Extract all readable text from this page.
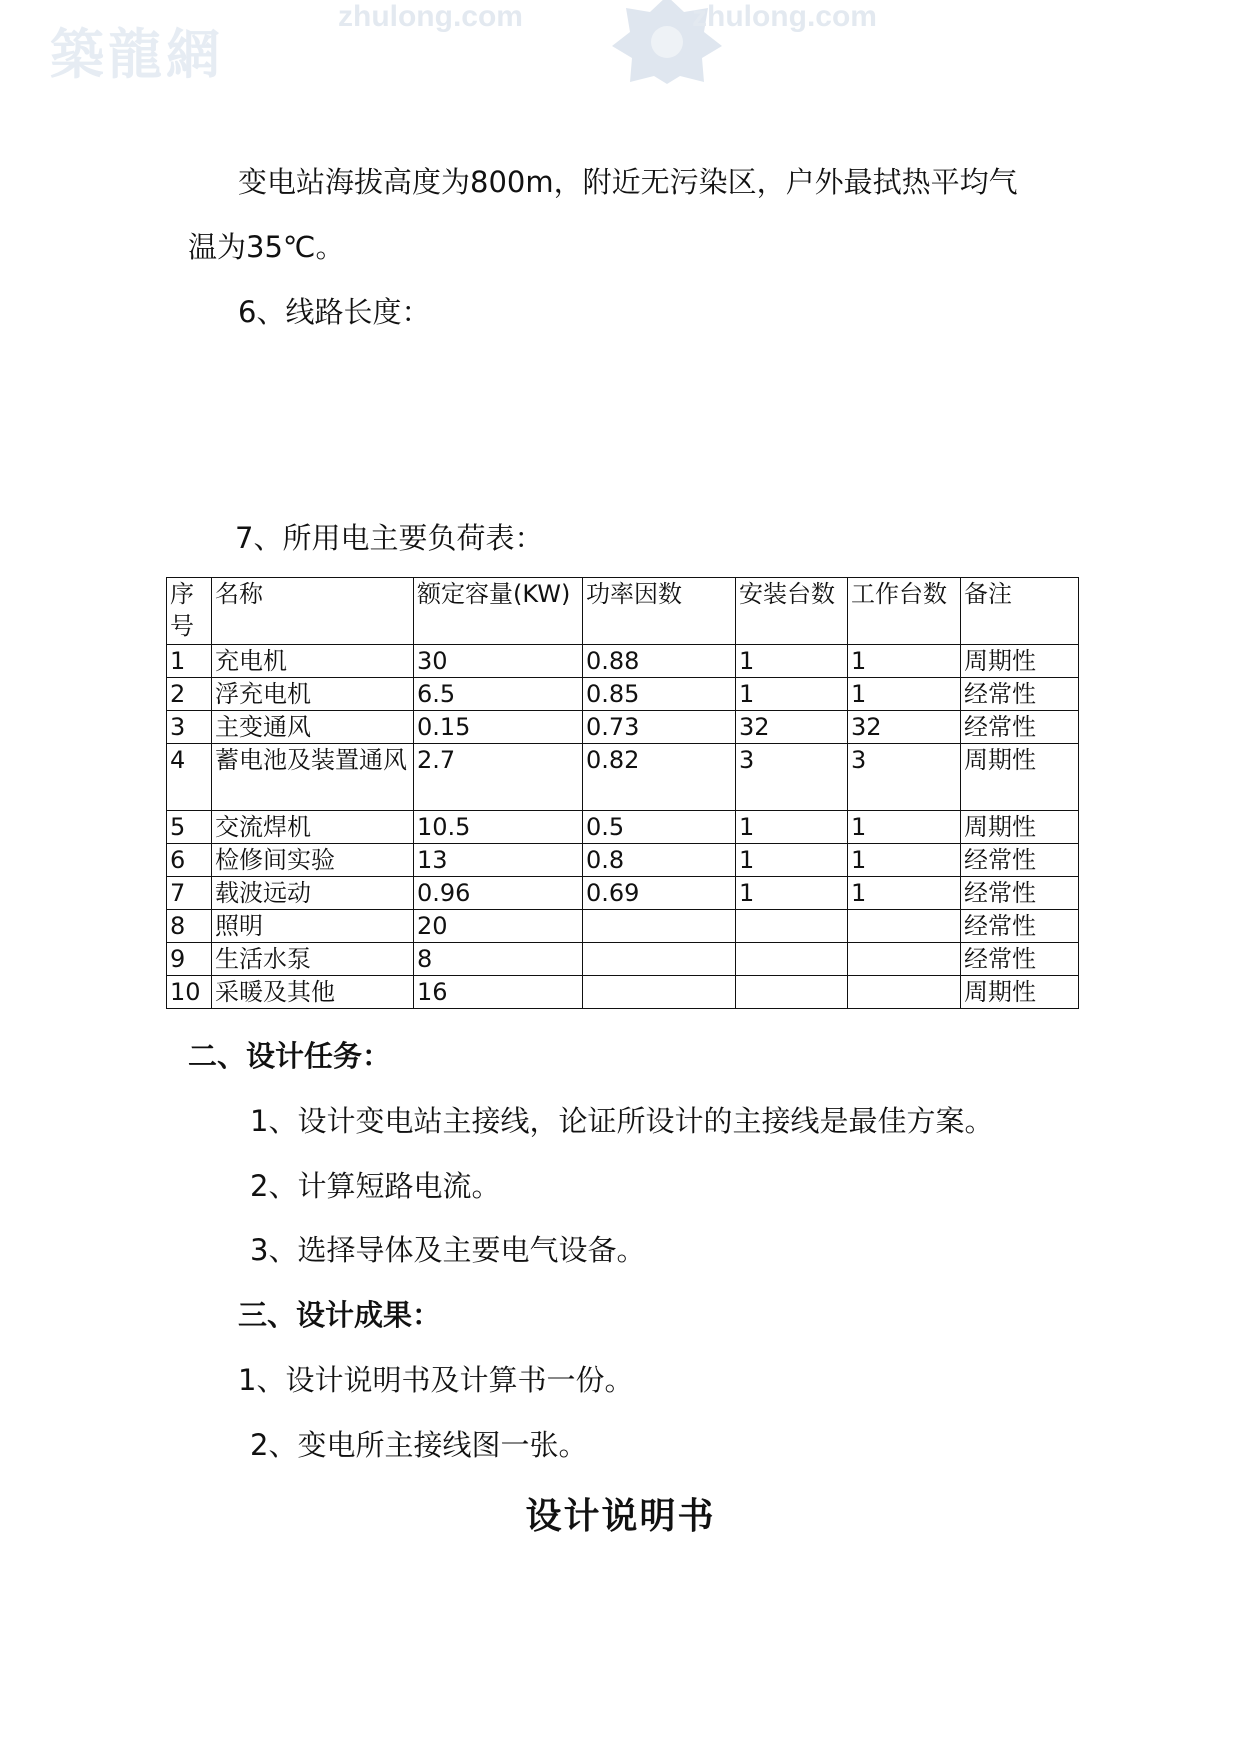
築龍網
zhulong.com	zhulong.com
变电站海拔高度为800m，附近无污染区，户外最拭热平均气
温为35℃。
6、线路长度：
7、所用电主要负荷表：
序号	名称	额定容量(KW)	功率因数	安装台数	工作台数	备注
1	充电机	30	0.88	1	1	周期性
2	浮充电机	6.5	0.85	1	1	经常性
3	主变通风	0.15	0.73	32	32	经常性
4	蓄电池及装置通风	2.7	0.82	3	3	周期性
5	交流焊机	10.5	0.5	1	1	周期性
6	检修间实验	13	0.8	1	1	经常性
7	载波远动	0.96	0.69	1	1	经常性
8	照明	20				经常性
9	生活水泵	8				经常性
10	采暖及其他	16				周期性
二、设计任务：
1、设计变电站主接线，论证所设计的主接线是最佳方案。
2、计算短路电流。
3、选择导体及主要电气设备。
三、设计成果：
1、设计说明书及计算书一份。
2、变电所主接线图一张。
设计说明书
